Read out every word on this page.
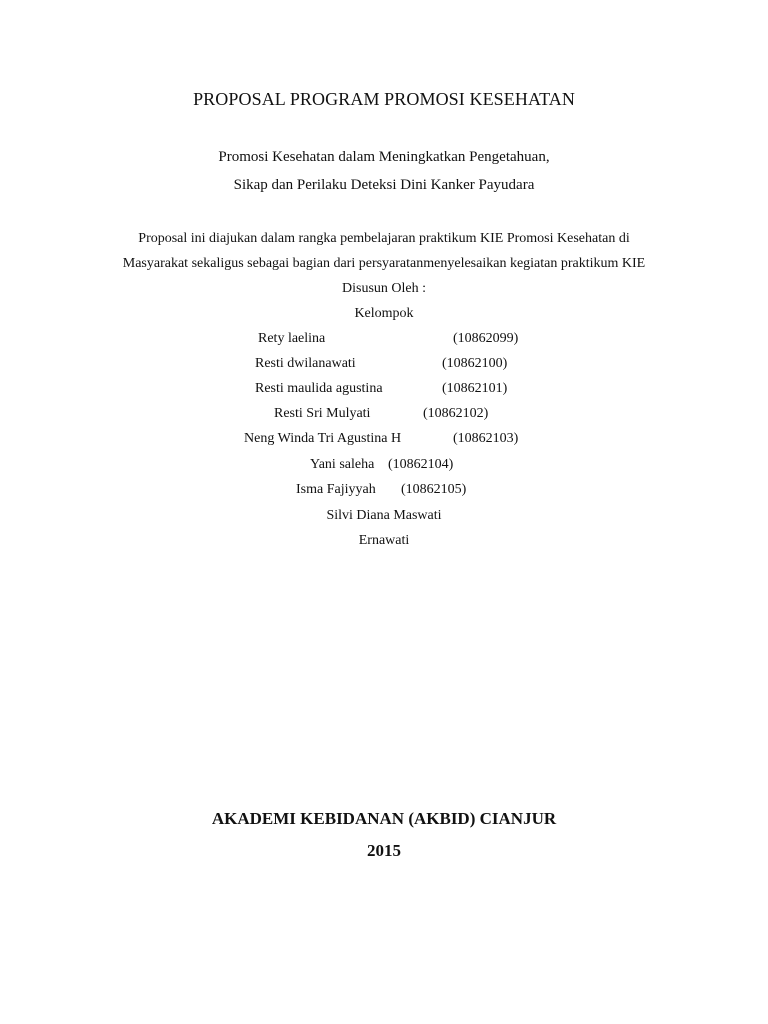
PROPOSAL PROGRAM PROMOSI KESEHATAN
Promosi Kesehatan dalam Meningkatkan Pengetahuan,
Sikap dan Perilaku Deteksi Dini Kanker Payudara
Proposal ini diajukan dalam rangka pembelajaran praktikum KIE Promosi Kesehatan di
Masyarakat sekaligus sebagai bagian dari persyaratanmenyelesaikan kegiatan praktikum KIE
Disusun Oleh :
Kelompok
Rety laelina	(10862099)
Resti dwilanawati	(10862100)
Resti maulida agustina	(10862101)
Resti Sri Mulyati	(10862102)
Neng Winda Tri Agustina H	(10862103)
Yani saleha (10862104)
Isma Fajiyyah (10862105)
Silvi Diana Maswati
Ernawati
AKADEMI KEBIDANAN (AKBID) CIANJUR
2015
